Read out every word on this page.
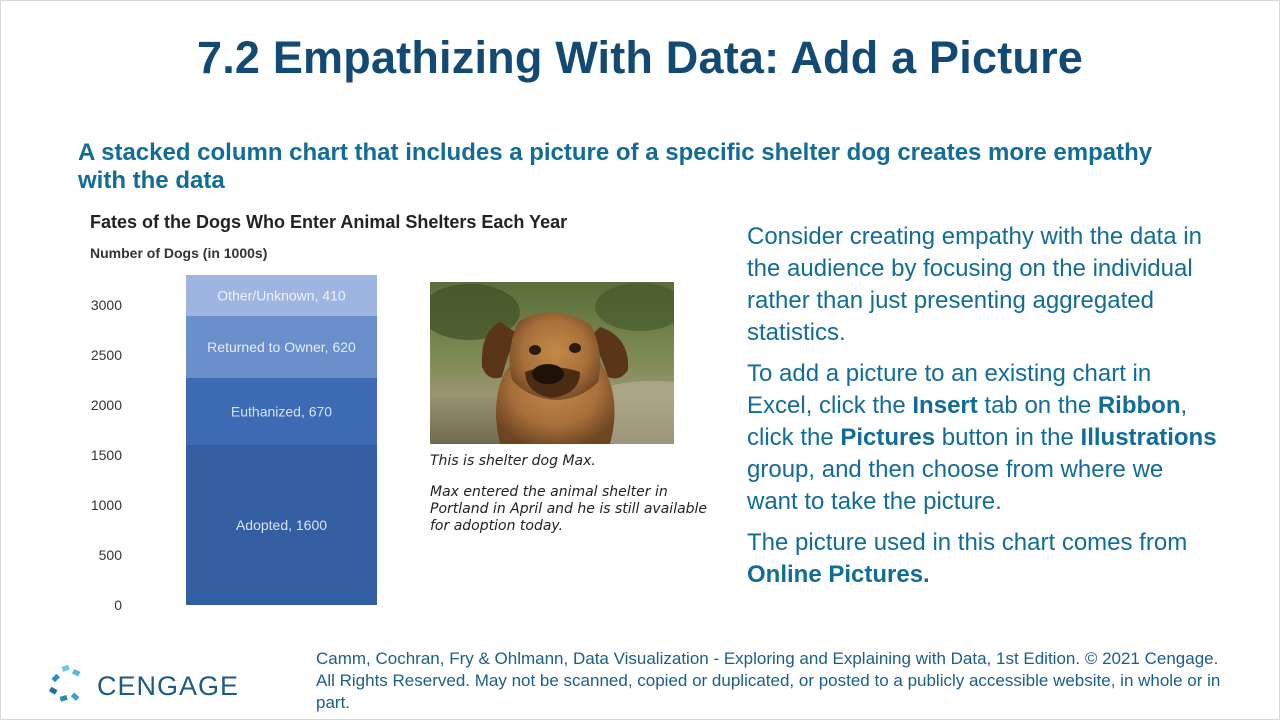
7.2 Empathizing With Data: Add a Picture
A stacked column chart that includes a picture of a specific shelter dog creates more empathy with the data
Fates of the Dogs Who Enter Animal Shelters Each Year
Number of Dogs (in 1000s)
0
500
1000
1500
2000
2500
3000
Adopted, 1600
Euthanized, 670
Returned to Owner, 620
Other/Unknown, 410
This is shelter dog Max.
Max entered the animal shelter in Portland in April and he is still available for adoption today.

Consider creating empathy with the data in the audience by focusing on the individual rather than just presenting aggregated statistics.

To add a picture to an existing chart in Excel, click the Insert tab on the Ribbon, click the Pictures button in the Illustrations group, and then choose from where we want to take the picture.

The picture used in this chart comes from Online Pictures.

CENGAGE
Camm, Cochran, Fry & Ohlmann, Data Visualization - Exploring and Explaining with Data, 1st Edition. © 2021 Cengage. All Rights Reserved. May not be scanned, copied or duplicated, or posted to a publicly accessible website, in whole or in part.
